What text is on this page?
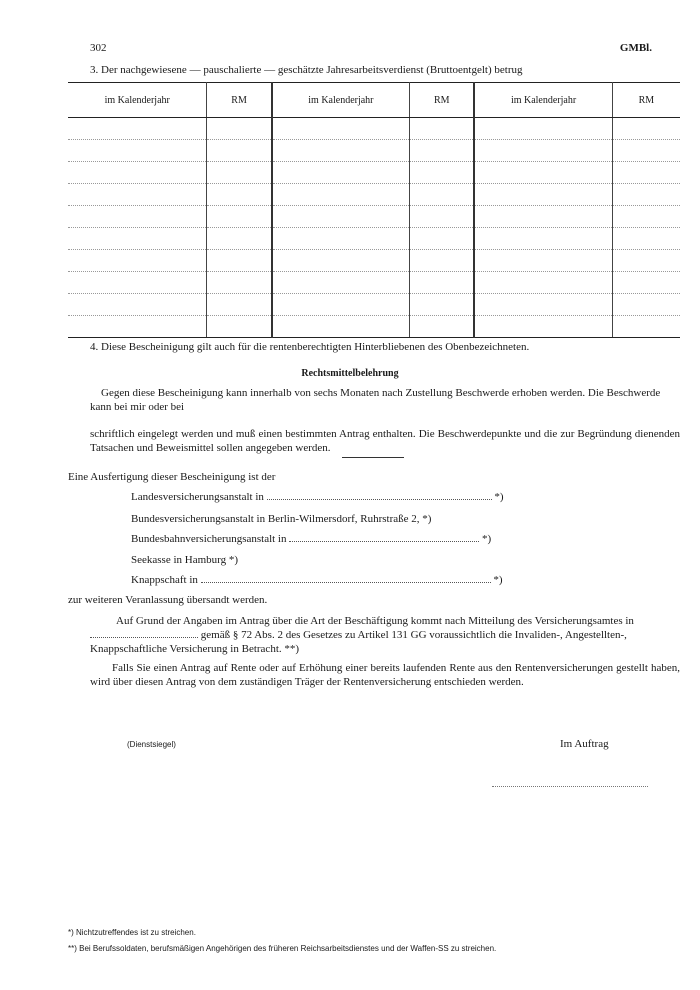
302	GMBl.
3. Der nachgewiesene — pauschalierte — geschätzte Jahresarbeitsverdienst (Bruttoentgelt) betrug
im Kalenderjahr	RM	im Kalenderjahr	RM	im Kalenderjahr	RM

4. Diese Bescheinigung gilt auch für die rentenberechtigten Hinterbliebenen des Obenbezeichneten.
Rechtsmittelbelehrung
Gegen diese Bescheinigung kann innerhalb von sechs Monaten nach Zustellung Beschwerde erhoben werden. Die Beschwerde
kann bei mir oder bei
schriftlich eingelegt werden und muß einen bestimmten Antrag enthalten. Die Beschwerdepunkte und die zur Begründung dienenden Tatsachen und Beweismittel sollen angegeben werden.
Eine Ausfertigung dieser Bescheinigung ist der
Landesversicherungsanstalt in	*)
Bundesversicherungsanstalt in Berlin-Wilmersdorf, Ruhrstraße 2, *)
Bundesbahnversicherungsanstalt in	*)
Seekasse in Hamburg *)
Knappschaft in	*)
zur weiteren Veranlassung übersandt werden.
Auf Grund der Angaben im Antrag über die Art der Beschäftigung kommt nach Mitteilung des Versicherungsamtes in
gemäß § 72 Abs. 2 des Gesetzes zu Artikel 131 GG voraussichtlich die Invaliden-, Angestellten-,
Knappschaftliche Versicherung in Betracht. **)
Falls Sie einen Antrag auf Rente oder auf Erhöhung einer bereits laufenden Rente aus den Rentenversicherungen gestellt haben, wird über diesen Antrag von dem zuständigen Träger der Rentenversicherung entschieden werden.
(Dienstsiegel)	Im Auftrag
*) Nichtzutreffendes ist zu streichen.
**) Bei Berufssoldaten, berufsmäßigen Angehörigen des früheren Reichsarbeitsdienstes und der Waffen-SS zu streichen.
